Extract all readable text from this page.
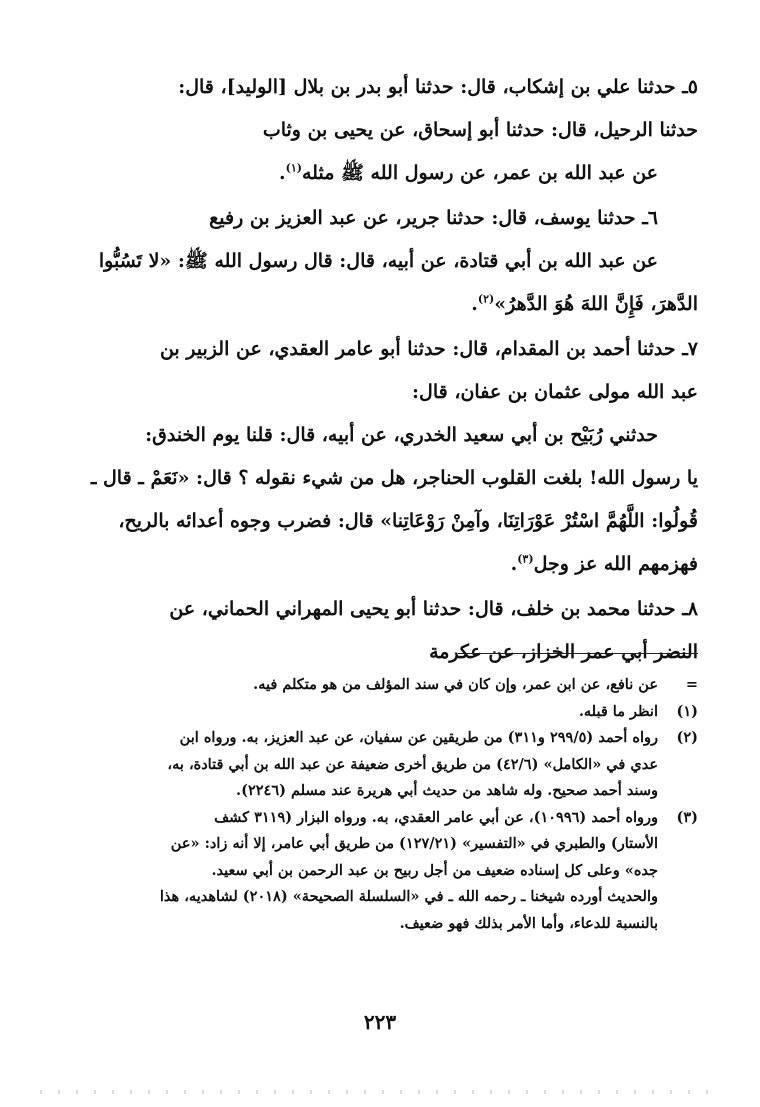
٥ـ حدثنا علي بن إشكاب، قال: حدثنا أبو بدر بن بلال [الوليد]، قال:
حدثنا الرحيل، قال: حدثنا أبو إسحاق، عن يحيى بن وثاب
عن عبد الله بن عمر، عن رسول الله ﷺ مثله$^{(١)}$.

٦ـ حدثنا يوسف، قال: حدثنا جرير، عن عبد العزيز بن رفيع
عن عبد الله بن أبي قتادة، عن أبيه، قال: قال رسول الله ﷺ: «لا تَسُبُّوا
الدَّهرَ، فَإِنَّ اللهَ هُوَ الدَّهرُ»$^{(٢)}$.

٧ـ حدثنا أحمد بن المقدام، قال: حدثنا أبو عامر العقدي، عن الزبير بن
عبد الله مولى عثمان بن عفان، قال:
حدثني رُبَيْح بن أبي سعيد الخدري، عن أبيه، قال: قلنا يوم الخندق:
يا رسول الله! بلغت القلوب الحناجر، هل من شيء نقوله ؟ قال: «نَعَمْ ـ قال ـ
قُولُوا: اللَّهُمَّ اسْتُرْ عَوْرَاتِنَا، وآمِنْ رَوْعَاتِنا» قال: فضرب وجوه أعدائه بالريح،
فهزمهم الله عز وجل$^{(٣)}$.

٨ـ حدثنا محمد بن خلف، قال: حدثنا أبو يحيى المهراني الحماني، عن
النضر أبي عمر الخزاز، عن عكرمة

=
عن نافع، عن ابن عمر، وإن كان في سند المؤلف من هو متكلم فيه.
(١)
انظر ما قبله.
(٢)
رواه أحمد (٢٩٩/٥ و٣١١) من طريقين عن سفيان، عن عبد العزيز، به. ورواه ابن
عدي في «الكامل» (٤٢/٦) من طريق أخرى ضعيفة عن عبد الله بن أبي قتادة، به،
وسند أحمد صحيح. وله شاهد من حديث أبي هريرة عند مسلم (٢٢٤٦).
(٣)
ورواه أحمد (١٠٩٩٦)، عن أبي عامر العقدي، به. ورواه البزار (٣١١٩ كشف
الأستار) والطبري في «التفسير» (١٢٧/٢١) من طريق أبي عامر، إلا أنه زاد: «عن
جده» وعلى كل إسناده ضعيف من أجل ربيح بن عبد الرحمن بن أبي سعيد.
والحديث أورده شيخنا ـ رحمه الله ـ في «السلسلة الصحيحة» (٢٠١٨) لشاهديه، هذا
بالنسبة للدعاء، وأما الأمر بذلك فهو ضعيف.
٢٢٣
